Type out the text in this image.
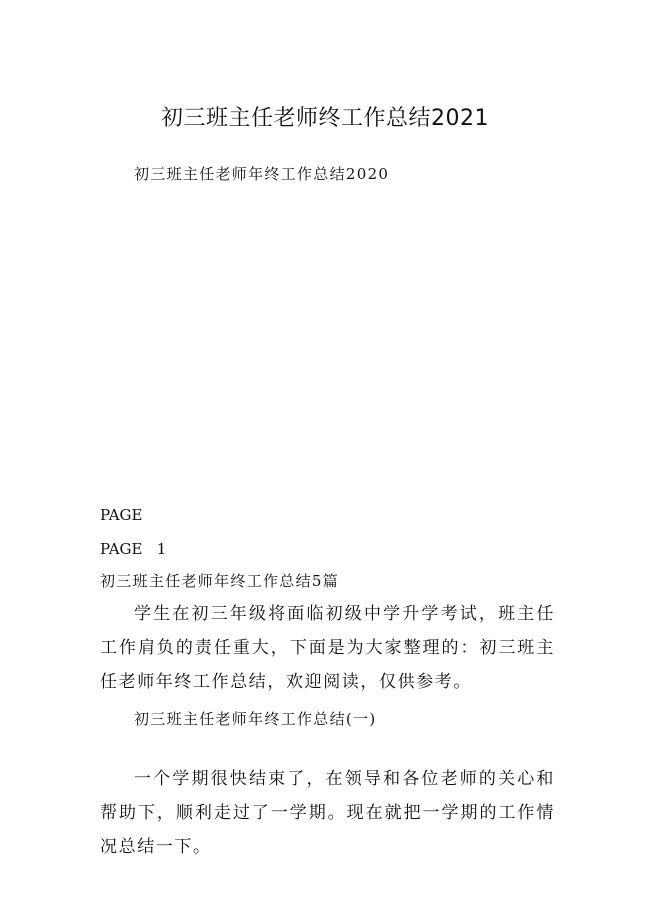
初三班主任老师终工作总结2021

初三班主任老师年终工作总结2020

PAGE

PAGE   1

初三班主任老师年终工作总结5篇

学生在初三年级将面临初级中学升学考试，班主任工作肩负的责任重大，下面是为大家整理的：初三班主任老师年终工作总结，欢迎阅读，仅供参考。

初三班主任老师年终工作总结(一)

一个学期很快结束了，在领导和各位老师的关心和帮助下，顺利走过了一学期。现在就把一学期的工作情况总结一下。
